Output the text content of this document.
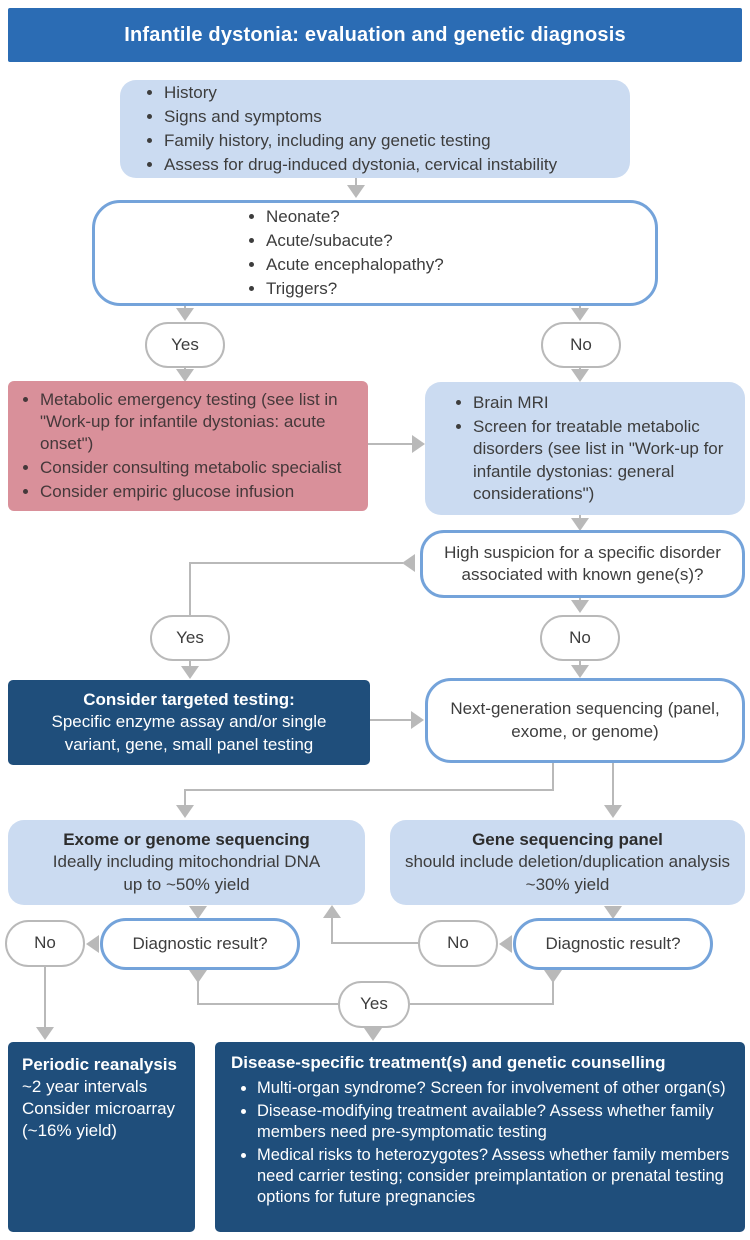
Infantile dystonia: evaluation and genetic diagnosis
• History
• Signs and symptoms
• Family history, including any genetic testing
• Assess for drug-induced dystonia, cervical instability
• Neonate?
• Acute/subacute?
• Acute encephalopathy?
• Triggers?
Yes	No
• Metabolic emergency testing (see list in "Work-up for infantile dystonias: acute onset")
• Consider consulting metabolic specialist
• Consider empiric glucose infusion
• Brain MRI
• Screen for treatable metabolic disorders (see list in "Work-up for infantile dystonias: general considerations")
High suspicion for a specific disorder associated with known gene(s)?
Yes	No
Consider targeted testing:
Specific enzyme assay and/or single variant, gene, small panel testing
Next-generation sequencing (panel, exome, or genome)
Exome or genome sequencing
Ideally including mitochondrial DNA
up to ~50% yield
Gene sequencing panel
should include deletion/duplication analysis
~30% yield
Diagnostic result?
No	Diagnostic result?
No
Yes
Periodic reanalysis
~2 year intervals
Consider microarray
(~16% yield)
Disease-specific treatment(s) and genetic counselling
• Multi-organ syndrome? Screen for involvement of other organ(s)
• Disease-modifying treatment available? Assess whether family members need pre-symptomatic testing
• Medical risks to heterozygotes? Assess whether family members need carrier testing; consider preimplantation or prenatal testing options for future pregnancies
